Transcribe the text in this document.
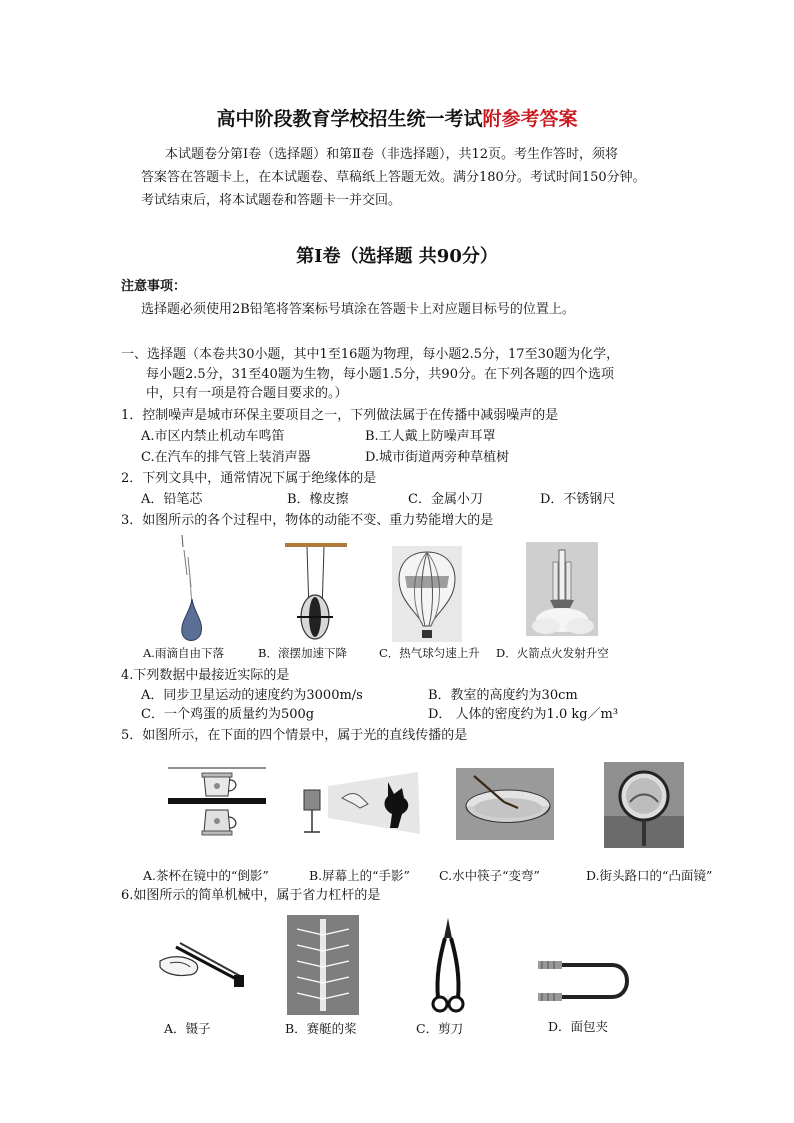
高中阶段教育学校招生统一考试附参考答案
本试题卷分第Ⅰ卷（选择题）和第Ⅱ卷（非选择题），共12页。考生作答时，须将
答案答在答题卡上，在本试题卷、草稿纸上答题无效。满分180分。考试时间150分钟。
考试结束后，将本试题卷和答题卡一并交回。
第Ⅰ卷（选择题 共90分）
注意事项：
选择题必须使用2B铅笔将答案标号填涂在答题卡上对应题目标号的位置上。
一、选择题（本卷共30小题，其中1至16题为物理，每小题2.5分，17至30题为化学，
每小题2.5分，31至40题为生物，每小题1.5分，共90分。在下列各题的四个选项
中，只有一项是符合题目要求的。）
1．控制噪声是城市环保主要项目之一，下列做法属于在传播中减弱噪声的是
A.市区内禁止机动车鸣笛	B.工人戴上防噪声耳罩
C.在汽车的排气管上装消声器	D.城市街道两旁种草植树
2．下列文具中，通常情况下属于绝缘体的是
A．铅笔芯	B．橡皮擦	C．金属小刀	D．不锈钢尺
3．如图所示的各个过程中，物体的动能不变、重力势能增大的是
A.雨滴自由下落	B．滚摆加速下降	C．热气球匀速上升 D．火箭点火发射升空
4.下列数据中最接近实际的是
A．同步卫星运动的速度约为3000m/s	B．教室的高度约为30cm
C．一个鸡蛋的质量约为500g	D． 人体的密度约为1.0 kg／m³
5．如图所示，在下面的四个情景中，属于光的直线传播的是
A.茶杯在镜中的“倒影”	B.屏幕上的“手影” C.水中筷子“变弯”	D.街头路口的“凸面镜”
6.如图所示的简单机械中，属于省力杠杆的是
A．镊子	B．赛艇的桨	C．剪刀	D．面包夹
